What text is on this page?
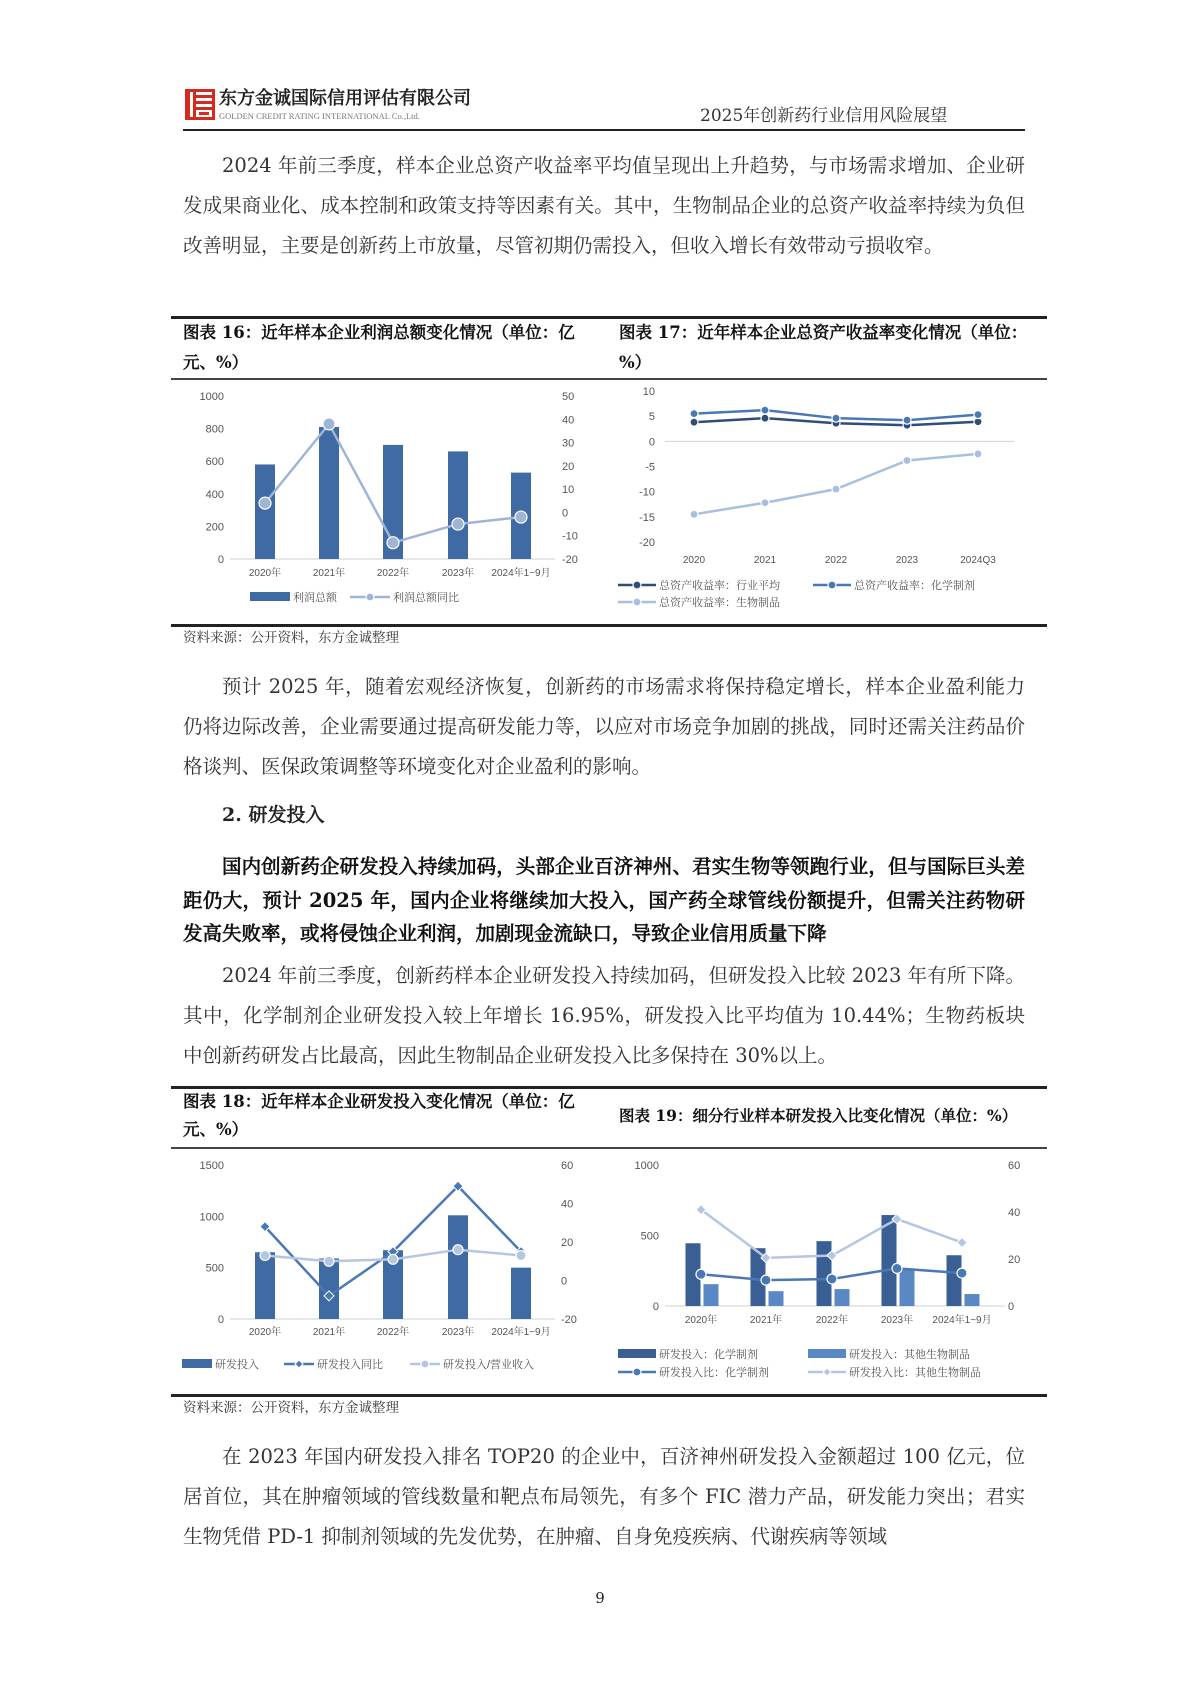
东方金诚国际信用评估有限公司
GOLDEN CREDIT RATING INTERNATIONAL Co.,Ltd.	2025年创新药行业信用风险展望
2024 年前三季度，样本企业总资产收益率平均值呈现出上升趋势，与市场需求增加、企业研发成果商业化、成本控制和政策支持等因素有关。其中，生物制品企业的总资产收益率持续为负但改善明显，主要是创新药上市放量，尽管初期仍需投入，但收入增长有效带动亏损收窄。
图表 16：近年样本企业利润总额变化情况（单位：亿元、%）
图表 17：近年样本企业总资产收益率变化情况（单位：%）
0
200
400
600
800
1000
-20
-10
0
10
20
30
40
50
2020年	2021年	2022年	2023年 2024年1~9月
利润总额	利润总额同比
-20
-15
-10
-5
0
5
10
2020	2021	2022	2023	2024Q3
总资产收益率：行业平均	总资产收益率：化学制剂
总资产收益率：生物制品
资料来源：公开资料，东方金诚整理
预计 2025 年，随着宏观经济恢复，创新药的市场需求将保持稳定增长，样本企业盈利能力仍将边际改善，企业需要通过提高研发能力等，以应对市场竞争加剧的挑战，同时还需关注药品价格谈判、医保政策调整等环境变化对企业盈利的影响。
2. 研发投入
国内创新药企研发投入持续加码，头部企业百济神州、君实生物等领跑行业，但与国际巨头差距仍大，预计 2025 年，国内企业将继续加大投入，国产药全球管线份额提升，但需关注药物研发高失败率，或将侵蚀企业利润，加剧现金流缺口，导致企业信用质量下降
2024 年前三季度，创新药样本企业研发投入持续加码，但研发投入比较 2023 年有所下降。其中，化学制剂企业研发投入较上年增长 16.95%，研发投入比平均值为 10.44%；生物药板块中创新药研发占比最高，因此生物制品企业研发投入比多保持在 30%以上。
图表 18：近年样本企业研发投入变化情况（单位：亿元、%）
图表 19：细分行业样本研发投入比变化情况（单位：%）
0
500
1000
1500
-20
0
20
40
60
2020年	2021年	2022年	2023年 2024年1~9月
研发投入	研发投入同比	研发投入/营业收入
0
500
1000
0
20
40
60
2020年	2021年	2022年	2023年 2024年1~9月
研发投入：化学制剂	研发投入：其他生物制品
研发投入比：化学制剂	研发投入比：其他生物制品
资料来源：公开资料，东方金诚整理
在 2023 年国内研发投入排名 TOP20 的企业中，百济神州研发投入金额超过 100 亿元，位居首位，其在肿瘤领域的管线数量和靶点布局领先，有多个 FIC 潜力产品，研发能力突出；君实生物凭借 PD-1 抑制剂领域的先发优势，在肿瘤、自身免疫疾病、代谢疾病等领域
9
